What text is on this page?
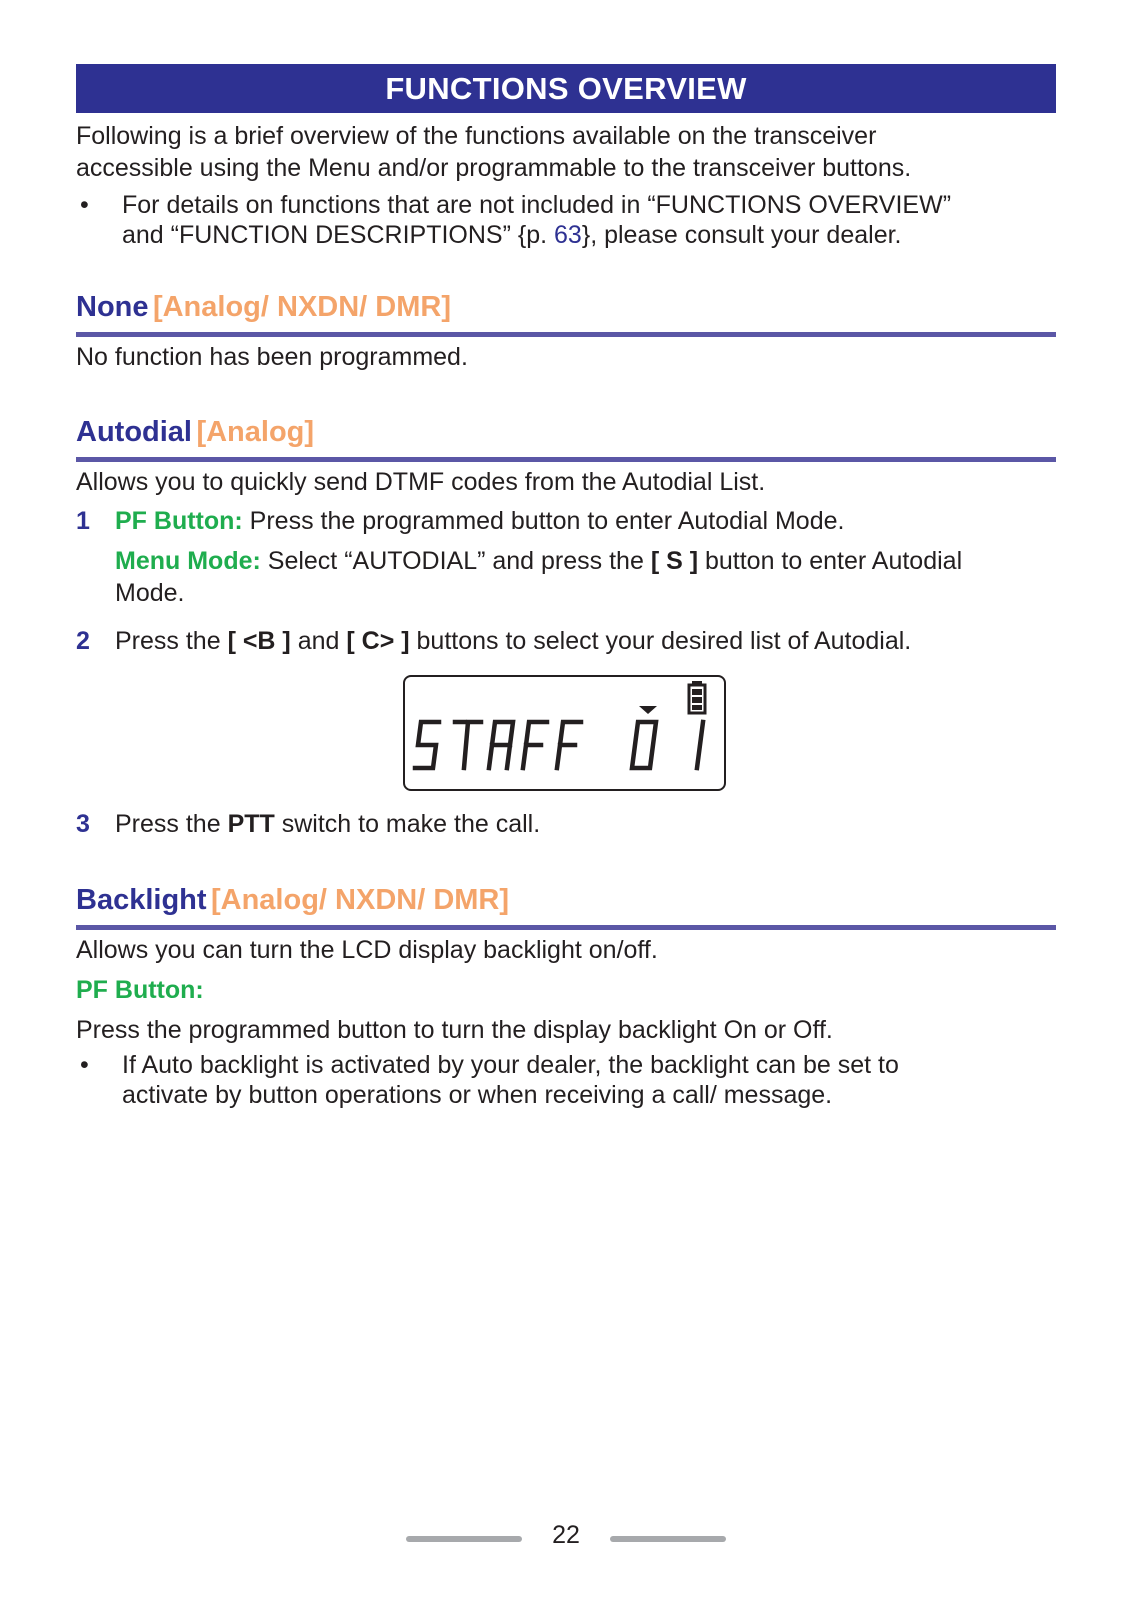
FUNCTIONS OVERVIEW

Following is a brief overview of the functions available on the transceiver

accessible using the Menu and/or programmable to the transceiver buttons.

• For details on functions that are not included in “FUNCTIONS OVERVIEW”
and “FUNCTION DESCRIPTIONS” {p. 63}, please consult your dealer.
None [Analog/ NXDN/ DMR]

No function has been programmed.

Autodial [Analog]

Allows you to quickly send DTMF codes from the Autodial List.

1 PF Button: Press the programmed button to enter Autodial Mode.
Menu Mode: Select “AUTODIAL” and press the [ S ] button to enter Autodial
Mode.
2 Press the [ <B ] and [ C> ] buttons to select your desired list of Autodial.
3 Press the PTT switch to make the call.
Backlight [Analog/ NXDN/ DMR]

Allows you can turn the LCD display backlight on/off.

PF Button:

Press the programmed button to turn the display backlight On or Off.

• If Auto backlight is activated by your dealer, the backlight can be set to
activate by button operations or when receiving a call/ message.
22
